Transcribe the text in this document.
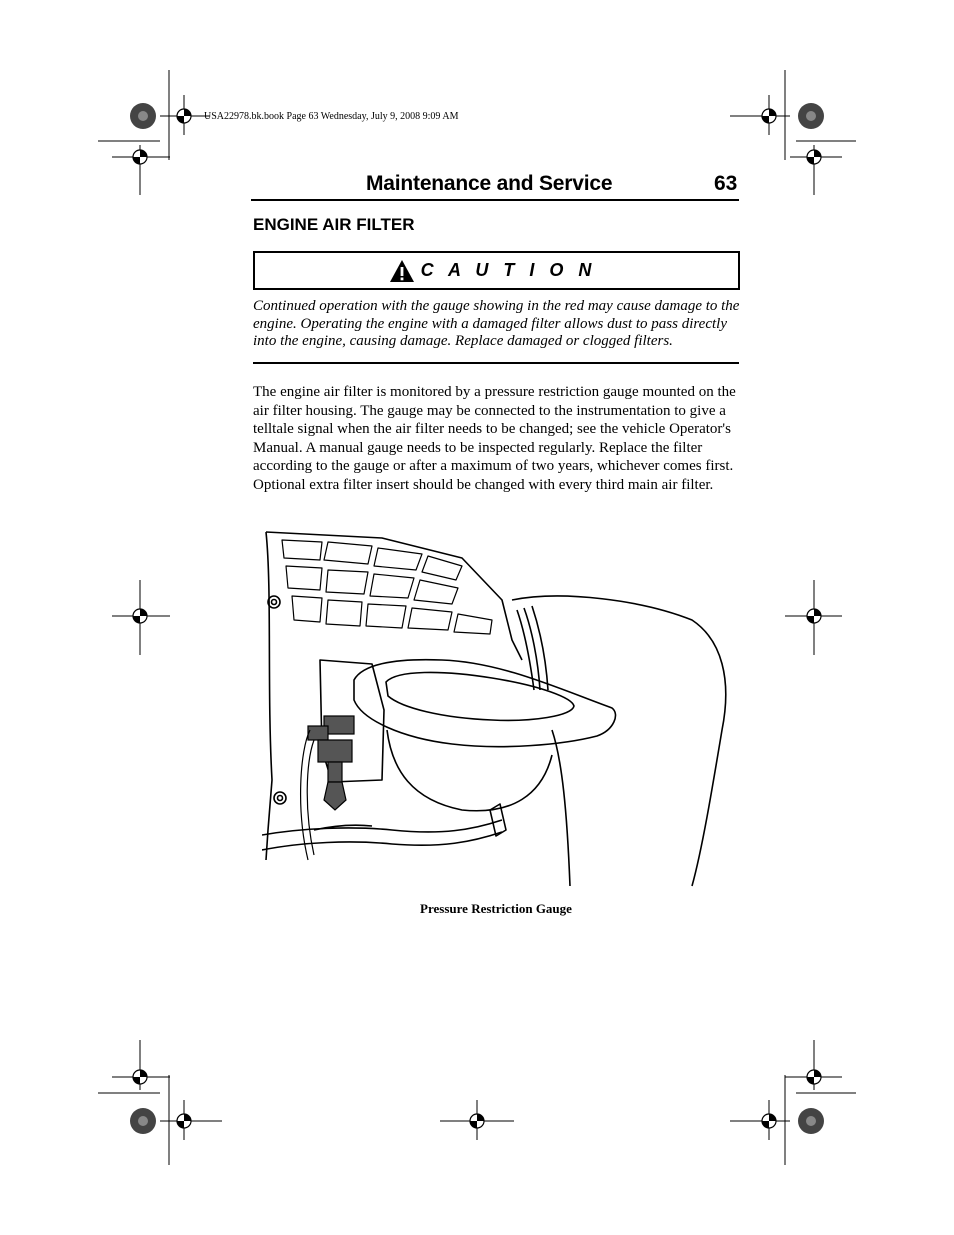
USA22978.bk.book Page 63 Wednesday, July 9, 2008 9:09 AM
Maintenance and Service	63
ENGINE AIR FILTER
C A U T I O N
Continued operation with the gauge showing in the red may cause damage to the engine. Operating the engine with a damaged filter allows dust to pass directly into the engine, causing damage. Replace damaged or clogged filters.
The engine air filter is monitored by a pressure restriction gauge mounted on the air filter housing. The gauge may be connected to the instrumentation to give a telltale signal when the air filter needs to be changed; see the vehicle Operator's Manual. A manual gauge needs to be inspected regularly. Replace the filter according to the gauge or after a maximum of two years, whichever comes first. Optional extra filter insert should be changed with every third main air filter.
Pressure Restriction Gauge
